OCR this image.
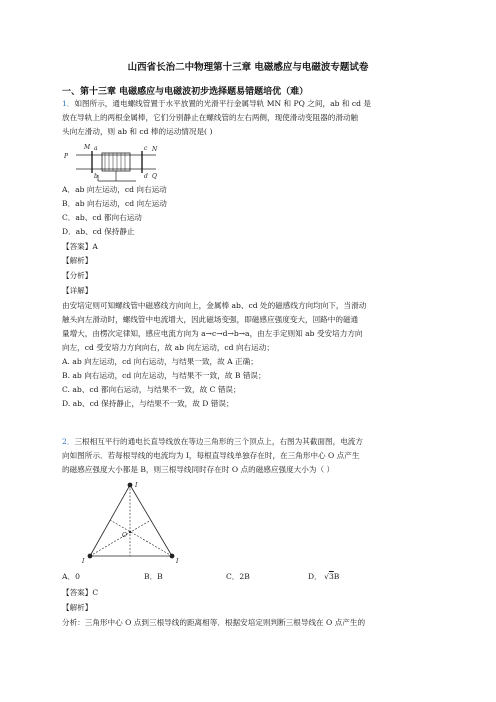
山西省长治二中物理第十三章 电磁感应与电磁波专题试卷
一、第十三章 电磁感应与电磁波初步选择题易错题培优（难）
1．如图所示，通电螺线管置于水平放置的光滑平行金属导轨 MN 和 PQ 之间，ab 和 cd 是
放在导轨上的两根金属棒，它们分别静止在螺线管的左右两侧，现使滑动变阻器的滑动触
头向左滑动，则 ab 和 cd 棒的运动情况是( )
P
M a	c N
b	d Q
A．ab 向左运动，cd 向右运动
B．ab 向右运动，cd 向左运动
C．ab、cd 都向右运动
D．ab、cd 保持静止
【答案】A
【解析】
【分析】
【详解】
由安培定则可知螺线管中磁感线方向向上，金属棒 ab、cd 处的磁感线方向均向下，当滑动
触头向左滑动时，螺线管中电流增大，因此磁场变强，即磁感应强度变大，回路中的磁通
量增大，由楞次定律知，感应电流方向为 a→c→d→b→a，由左手定则知 ab 受安培力方向
向左，cd 受安培力方向向右，故 ab 向左运动，cd 向右运动；
A. ab 向左运动，cd 向右运动，与结果一致，故 A 正确；
B. ab 向右运动，cd 向左运动，与结果不一致，故 B 错误；
C. ab、cd 都向右运动，与结果不一致，故 C 错误；
D. ab、cd 保持静止，与结果不一致，故 D 错误；
2．三根相互平行的通电长直导线放在等边三角形的三个顶点上，右图为其截面图，电流方
向如图所示．若每根导线的电流均为 I，每根直导线单独存在时，在三角形中心 O 点产生
的磁感应强度大小都是 B，则三根导线同时存在时 O 点的磁感应强度大小为（ ）
I
I	I
O
A．0	B．B	C．2B	D． √3B
【答案】C
【解析】
分析：三角形中心 O 点到三根导线的距离相等．根据安培定则判断三根导线在 O 点产生的
